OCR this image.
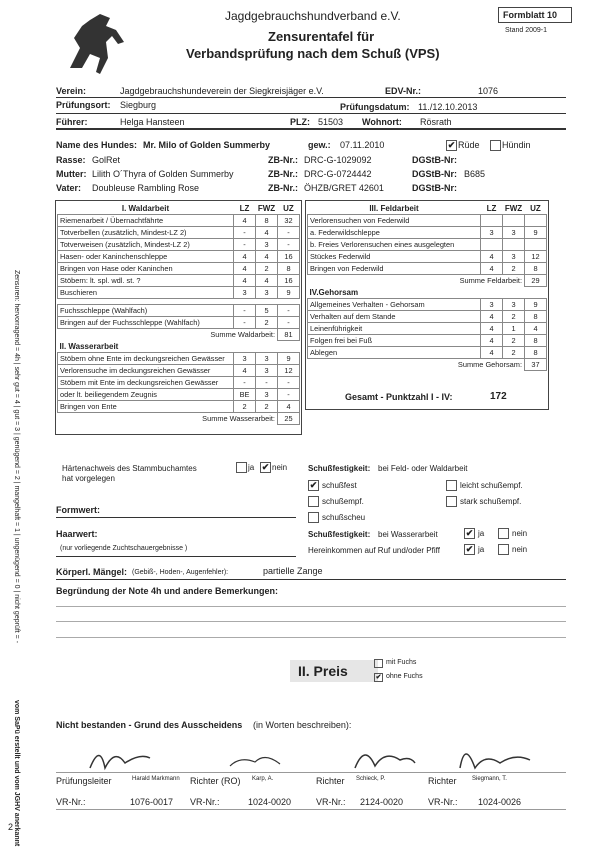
Jagdgebrauchshundverband e.V.
Zensurentafel für
Verbandsprüfung nach dem Schuß (VPS)
Formblatt 10
Stand 2009-1
Verein:	Jagdgebrauchshundeverein der Siegkreisjäger e.V.	EDV-Nr.:	1076
Prüfungsort: Siegburg	Prüfungsdatum: 11./12.10.2013
Führer:	Helga Hansteen	PLZ: 51503 Wohnort: Rösrath
Name des Hundes: Mr. Milo of Golden Summerby	gew.: 07.11.2010	✔ Rüde Hündin
Rasse: GolRet	ZB-Nr.: DRC-G-1029092	DGStB-Nr:
Mutter: Lilith O´Thyra of Golden Summerby	ZB-Nr.: DRC-G-0724442	DGStB-Nr: B685
Vater: Doubleuse Rambling Rose	ZB-Nr.: ÖHZB/GRET 42601	DGStB-Nr:
I. Waldarbeit	LZ	FWZ	UZ
Riemenarbeit / Übernachtfährte	4	8	32
Totverbellen (zusätzlich, Mindest-LZ 2)	-	4	-
Totverweisen (zusätzlich, Mindest-LZ 2)	-	3	-
Hasen- oder Kaninchenschleppe	4	4	16
Bringen von Hase oder Kaninchen	4	2	8
Stöbern: lt. spl. wdl. st. ?	4	4	16
Buschieren	3	3	9

Fuchsschleppe (Wahlfach)	-	5	-
Bringen auf der Fuchsschleppe (Wahlfach)	-	2	-
Summe Waldarbeit:			81
II. Wasserarbeit			
Stöbern ohne Ente im deckungsreichen Gewässer	3	3	9
Verlorensuche im deckungsreichen Gewässer	4	3	12
Stöbern mit Ente im deckungsreichen Gewässer	-	-	-
oder lt. beiliegendem Zeugnis	BE	3	-
Bringen von Ente	2	2	4
Summe Wasserarbeit:			25
III. Feldarbeit	LZ	FWZ	UZ
Verlorensuchen von Federwild			
a. Federwildschleppe	3	3	9
b. Freies Verlorensuchen eines ausgelegten			
Stückes Federwild	4	3	12
Bringen von Federwild	4	2	8
Summe Feldarbeit:			29
IV.Gehorsam			
Allgemeines Verhalten - Gehorsam	3	3	9
Verhalten auf dem Stande	4	2	8
Leinenführigkeit	4	1	4
Folgen frei bei Fuß	4	2	8
Ablegen	4	2	8
Summe Gehorsam:			37
Gesamt - Punktzahl I - IV:	172
Härtenachweis des Stammbuchamtes
hat vorgelegen
ja ✔ nein	Schußfestigkeit: bei Feld- oder Waldarbeit
✔ schußfest	leicht schußempf.
schußempf.	stark schußempf.
schußscheu
Formwert:
Haarwert:
(nur vorliegende Zuchtschauergebnisse )
Schußfestigkeit: bei Wasserarbeit	✔ ja	nein
Hereinkommen auf Ruf und/oder Pfiff	✔ ja	nein
Körperl. Mängel: (Gebiß-, Hoden-, Augenfehler):	partielle Zange
Begründung der Note 4h und andere Bemerkungen:
II. Preis
mit Fuchs
✔ ohne Fuchs
Nicht bestanden - Grund des Ausscheidens (in Worten beschreiben):
Prüfungsleiter	Harald Markmann Richter (RO) Karp, A.	Richter Schieck, P.	Richter	Siegmann, T.
VR-Nr.:	1076-0017 VR-Nr.:	1024-0020	VR-Nr.: 2124-0020	VR-Nr.: 1024-0026
Zensuren: hervorragend = 4h | sehr gut = 4 | gut = 3 | genügend = 2 | mangelhaft = 1 | ungenügend = 0 | nicht geprüft = -
vom SaPü erstellt und vom JGHV anerkannt
2
